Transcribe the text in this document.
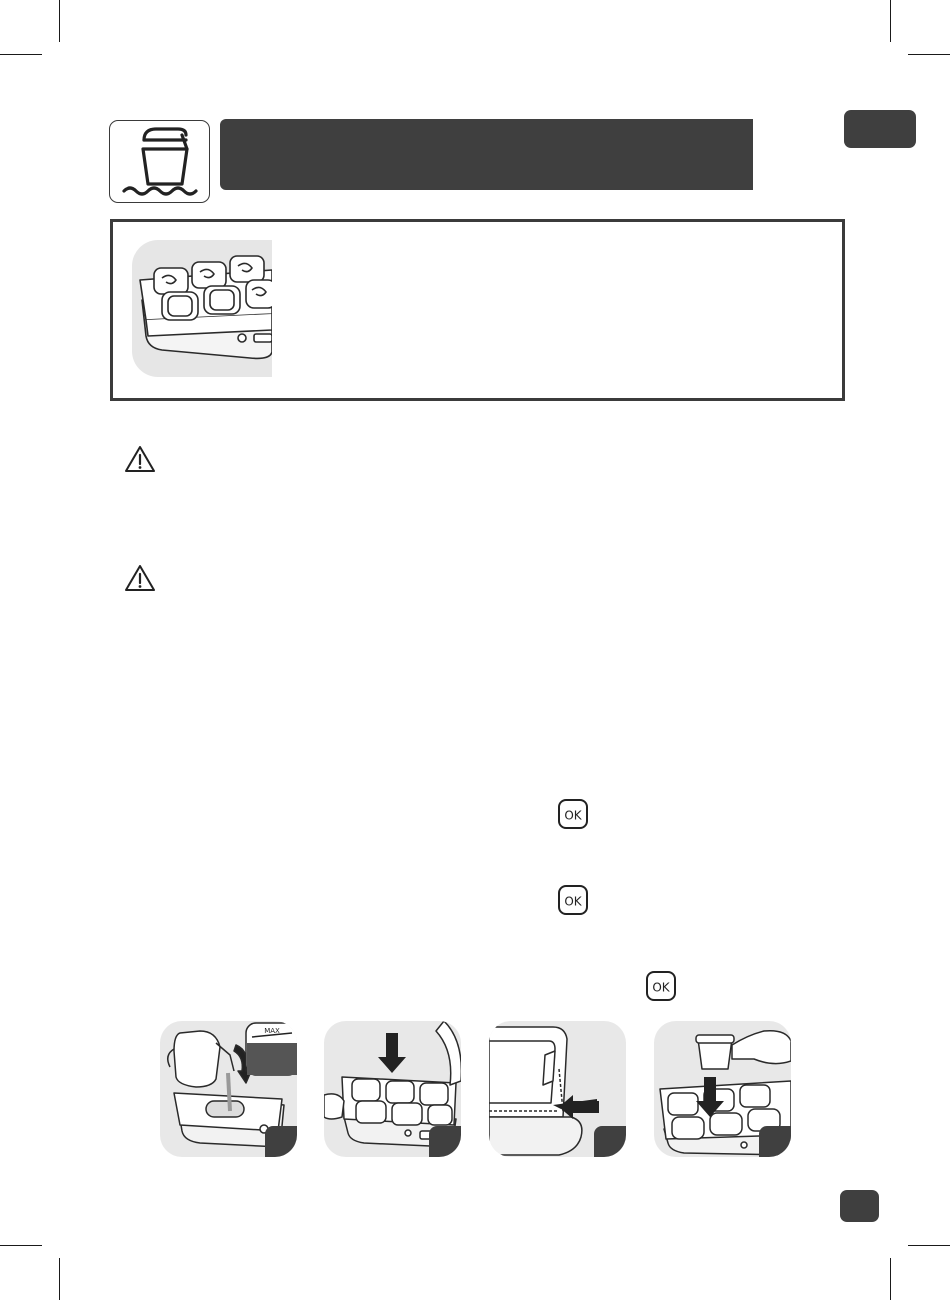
OK
OK
OK
MAX
